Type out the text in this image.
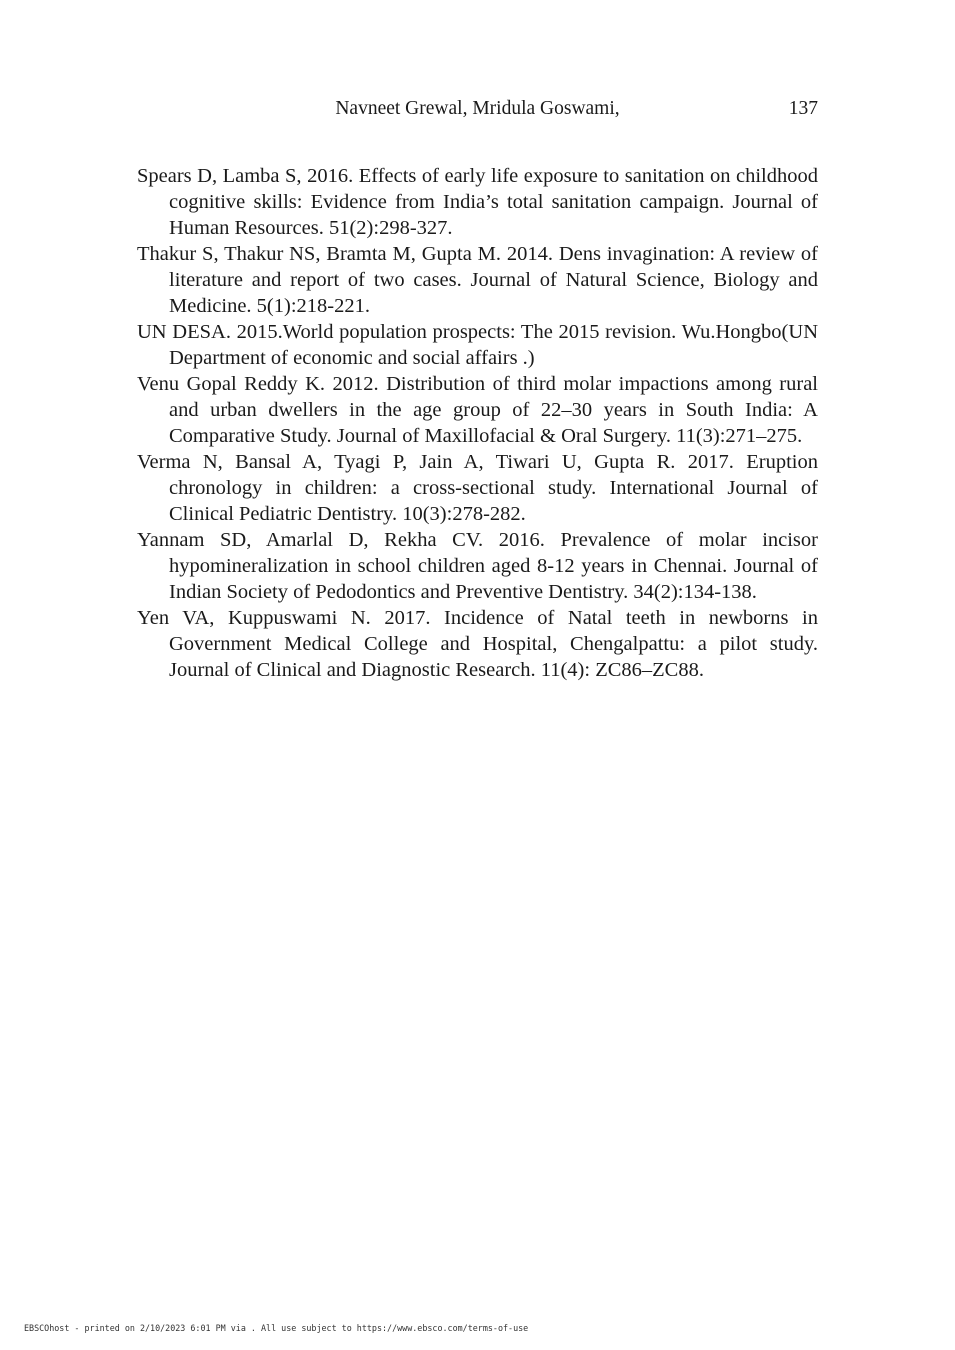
Navneet Grewal, Mridula Goswami,	137
Spears D, Lamba S, 2016. Effects of early life exposure to sanitation on childhood cognitive skills: Evidence from India’s total sanitation campaign. Journal of Human Resources. 51(2):298-327.
Thakur S, Thakur NS, Bramta M, Gupta M. 2014. Dens invagination: A review of literature and report of two cases. Journal of Natural Science, Biology and Medicine. 5(1):218-221.
UN DESA. 2015.World population prospects: The 2015 revision. Wu.Hongbo(UN Department of economic and social affairs .)
Venu Gopal Reddy K. 2012. Distribution of third molar impactions among rural and urban dwellers in the age group of 22–30 years in South India: A Comparative Study. Journal of Maxillofacial & Oral Surgery. 11(3):271–275.
Verma N, Bansal A, Tyagi P, Jain A, Tiwari U, Gupta R. 2017. Eruption chronology in children: a cross-sectional study. International Journal of Clinical Pediatric Dentistry. 10(3):278-282.
Yannam SD, Amarlal D, Rekha CV. 2016. Prevalence of molar incisor hypomineralization in school children aged 8-12 years in Chennai. Journal of Indian Society of Pedodontics and Preventive Dentistry. 34(2):134-138.
Yen VA, Kuppuswami N. 2017. Incidence of Natal teeth in newborns in Government Medical College and Hospital, Chengalpattu: a pilot study. Journal of Clinical and Diagnostic Research. 11(4): ZC86–ZC88.
EBSCOhost - printed on 2/10/2023 6:01 PM via . All use subject to https://www.ebsco.com/terms-of-use
